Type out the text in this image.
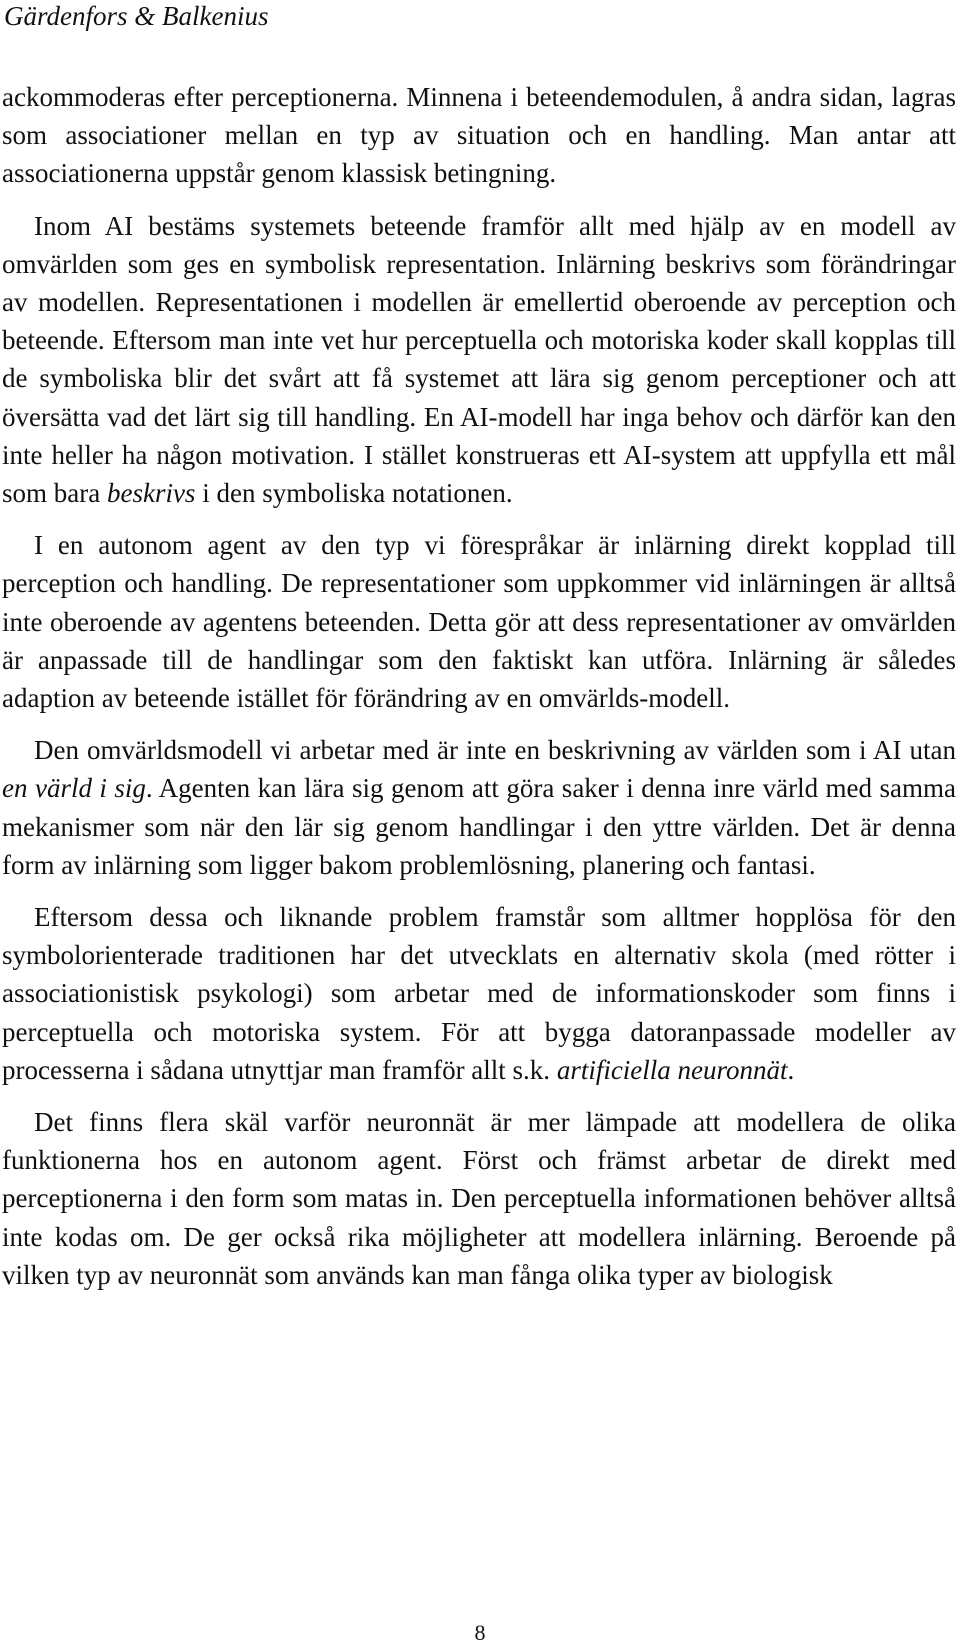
Gärdenfors & Balkenius

ackommoderas efter perceptionerna. Minnena i beteendemodulen, å andra sidan, lagras som associationer mellan en typ av situation och en handling. Man antar att associationerna uppstår genom klassisk betingning.

Inom AI bestäms systemets beteende framför allt med hjälp av en modell av omvärlden som ges en symbolisk representation. Inlärning beskrivs som förändringar av modellen. Representationen i modellen är emellertid oberoende av perception och beteende. Eftersom man inte vet hur perceptuella och motoriska koder skall kopplas till de symboliska blir det svårt att få systemet att lära sig genom perceptioner och att översätta vad det lärt sig till handling. En AI-modell har inga behov och därför kan den inte heller ha någon motivation. I stället konstrueras ett AI-system att uppfylla ett mål som bara beskrivs i den symboliska notationen.

I en autonom agent av den typ vi förespråkar är inlärning direkt kopplad till perception och handling. De representationer som uppkommer vid inlärningen är alltså inte oberoende av agentens beteenden. Detta gör att dess representationer av omvärlden är anpassade till de handlingar som den faktiskt kan utföra. Inlärning är således adaption av beteende istället för förändring av en omvärlds-modell.

Den omvärldsmodell vi arbetar med är inte en beskrivning av världen som i AI utan en värld i sig. Agenten kan lära sig genom att göra saker i denna inre värld med samma mekanismer som när den lär sig genom handlingar i den yttre världen. Det är denna form av inlärning som ligger bakom problemlösning, planering och fantasi.

Eftersom dessa och liknande problem framstår som alltmer hopplösa för den symbolorienterade traditionen har det utvecklats en alternativ skola (med rötter i associationistisk psykologi) som arbetar med de informationskoder som finns i perceptuella och motoriska system. För att bygga datoranpassade modeller av processerna i sådana utnyttjar man framför allt s.k. artificiella neuronnät.

Det finns flera skäl varför neuronnät är mer lämpade att modellera de olika funktionerna hos en autonom agent. Först och främst arbetar de direkt med perceptionerna i den form som matas in. Den perceptuella informationen behöver alltså inte kodas om. De ger också rika möjligheter att modellera inlärning. Beroende på vilken typ av neuronnät som används kan man fånga olika typer av biologisk

8
